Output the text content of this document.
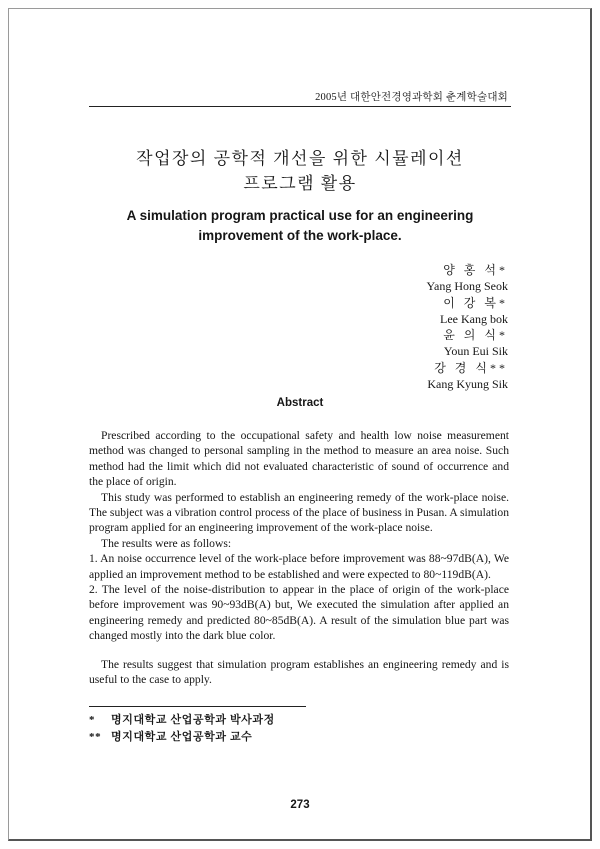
2005년 대한안전경영과학회 춘계학술대회
작업장의 공학적 개선을 위한 시뮬레이션
프로그램 활용
A simulation program practical use for an engineering
improvement of the work-place.
양 홍 석*
Yang Hong Seok
이 강 복*
Lee Kang bok
윤 의 식*
Youn Eui Sik
강 경 식**
Kang Kyung Sik
Abstract

Prescribed according to the occupational safety and health low noise measurement method was changed to personal sampling in the method to measure an area noise. Such method had the limit which did not evaluated characteristic of sound of occurrence and the place of origin.

This study was performed to establish an engineering remedy of the work-place noise. The subject was a vibration control process of the place of business in Pusan. A simulation program applied for an engineering improvement of the work-place noise.

The results were as follows:

1. An noise occurrence level of the work-place before improvement was 88~97dB(A), We applied an improvement method to be established and were expected to 80~119dB(A).

2. The level of the noise-distribution to appear in the place of origin of the work-place before improvement was 90~93dB(A) but, We executed the simulation after applied an engineering remedy and predicted 80~85dB(A). A result of the simulation blue part was changed mostly into the dark blue color.

The results suggest that simulation program establishes an engineering remedy and is useful to the case to apply.

* 명지대학교 산업공학과 박사과정
** 명지대학교 산업공학과 교수
273
